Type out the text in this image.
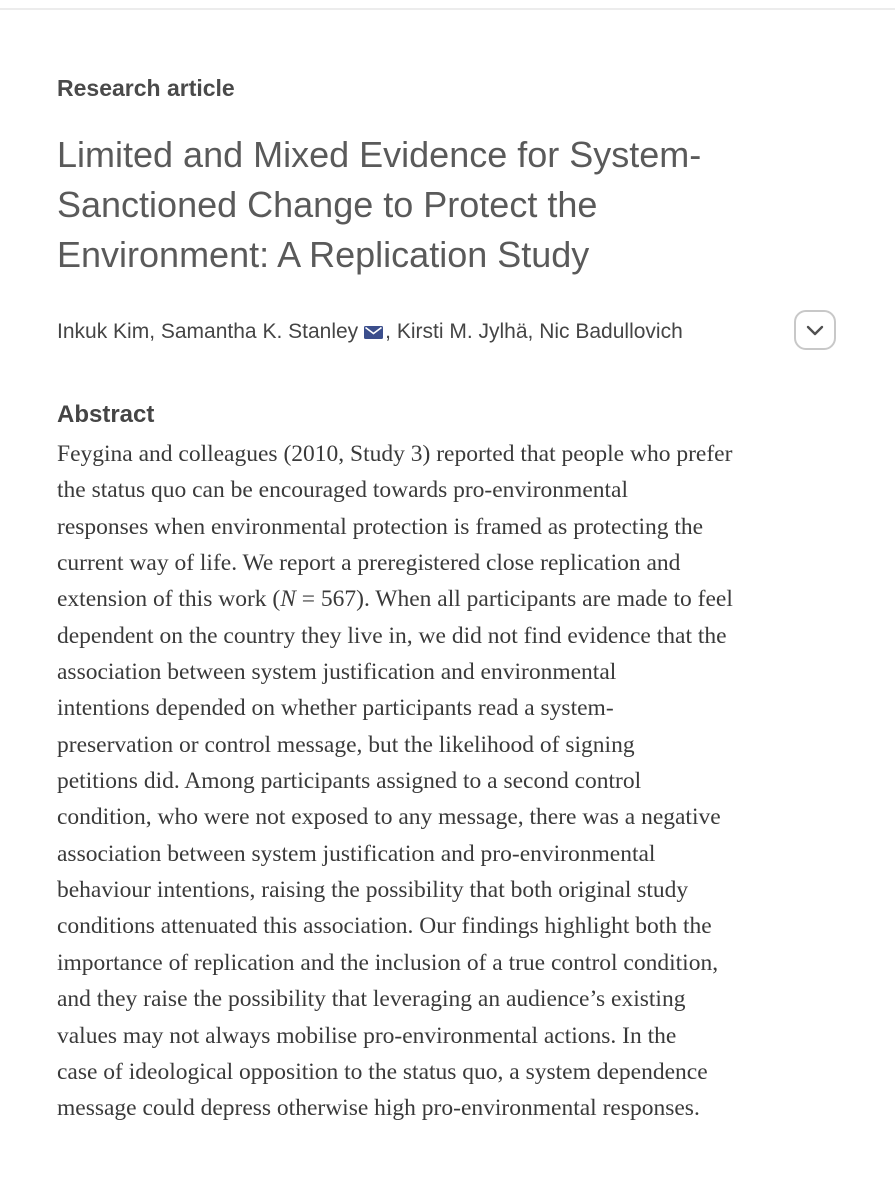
Research article
Limited and Mixed Evidence for System-
Sanctioned Change to Protect the
Environment: A Replication Study
Inkuk Kim, Samantha K. Stanley , Kirsti M. Jylhä, Nic Badullovich
Abstract
Feygina and colleagues (2010, Study 3) reported that people who prefer
the status quo can be encouraged towards pro-environmental
responses when environmental protection is framed as protecting the
current way of life. We report a preregistered close replication and
extension of this work (N = 567). When all participants are made to feel
dependent on the country they live in, we did not find evidence that the
association between system justification and environmental
intentions depended on whether participants read a system-
preservation or control message, but the likelihood of signing
petitions did. Among participants assigned to a second control
condition, who were not exposed to any message, there was a negative
association between system justification and pro-environmental
behaviour intentions, raising the possibility that both original study
conditions attenuated this association. Our findings highlight both the
importance of replication and the inclusion of a true control condition,
and they raise the possibility that leveraging an audience’s existing
values may not always mobilise pro-environmental actions. In the
case of ideological opposition to the status quo, a system dependence
message could depress otherwise high pro-environmental responses.
